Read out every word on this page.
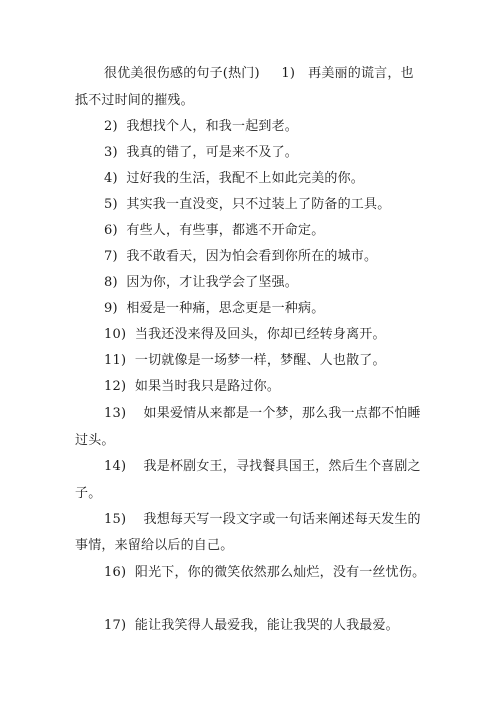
很优美很伤感的句子(热门)     1)   再美丽的谎言，也
抵不过时间的摧残。
2)  我想找个人，和我一起到老。
3)  我真的错了，可是来不及了。
4)  过好我的生活，我配不上如此完美的你。
5)  其实我一直没变，只不过装上了防备的工具。
6)  有些人，有些事，都逃不开命定。
7)  我不敢看天，因为怕会看到你所在的城市。
8)  因为你，才让我学会了坚强。
9)  相爱是一种痛，思念更是一种病。
10)  当我还没来得及回头，你却已经转身离开。
11)  一切就像是一场梦一样，梦醒、人也散了。
12)  如果当时我只是路过你。
13)    如果爱情从来都是一个梦，那么我一点都不怕睡
过头。
14)    我是杯剧女王，寻找餐具国王，然后生个喜剧之
子。
15)    我想每天写一段文字或一句话来阐述每天发生的
事情，来留给以后的自己。
16)  阳光下，你的微笑依然那么灿烂，没有一丝忧伤。
17)  能让我笑得人最爱我，能让我哭的人我最爱。
